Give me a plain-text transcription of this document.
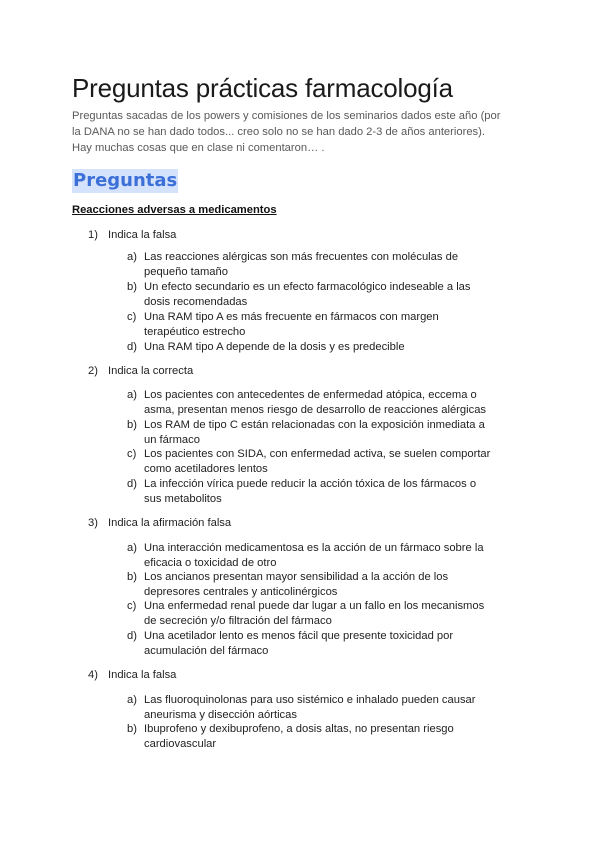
Preguntas prácticas farmacología

Preguntas sacadas de los powers y comisiones de los seminarios dados este año (por la DANA no se han dado todos... creo solo no se han dado 2-3 de años anteriores). Hay muchas cosas que en clase ni comentaron… .

Preguntas
Reacciones adversas a medicamentos
1) Indica la falsa
a) Las reacciones alérgicas son más frecuentes con moléculas de pequeño tamaño
b) Un efecto secundario es un efecto farmacológico indeseable a las dosis recomendadas
c) Una RAM tipo A es más frecuente en fármacos con margen terapéutico estrecho
d) Una RAM tipo A depende de la dosis y es predecible
2) Indica la correcta
a) Los pacientes con antecedentes de enfermedad atópica, eccema o asma, presentan menos riesgo de desarrollo de reacciones alérgicas
b) Los RAM de tipo C están relacionadas con la exposición inmediata a un fármaco
c) Los pacientes con SIDA, con enfermedad activa, se suelen comportar como acetiladores lentos
d) La infección vírica puede reducir la acción tóxica de los fármacos o sus metabolitos
3) Indica la afirmación falsa
a) Una interacción medicamentosa es la acción de un fármaco sobre la eficacia o toxicidad de otro
b) Los ancianos presentan mayor sensibilidad a la acción de los depresores centrales y anticolinérgicos
c) Una enfermedad renal puede dar lugar a un fallo en los mecanismos de secreción y/o filtración del fármaco
d) Una acetilador lento es menos fácil que presente toxicidad por acumulación del fármaco
4) Indica la falsa
a) Las fluoroquinolonas para uso sistémico e inhalado pueden causar aneurisma y disección aórticas
b) Ibuprofeno y dexibuprofeno, a dosis altas, no presentan riesgo cardiovascular
